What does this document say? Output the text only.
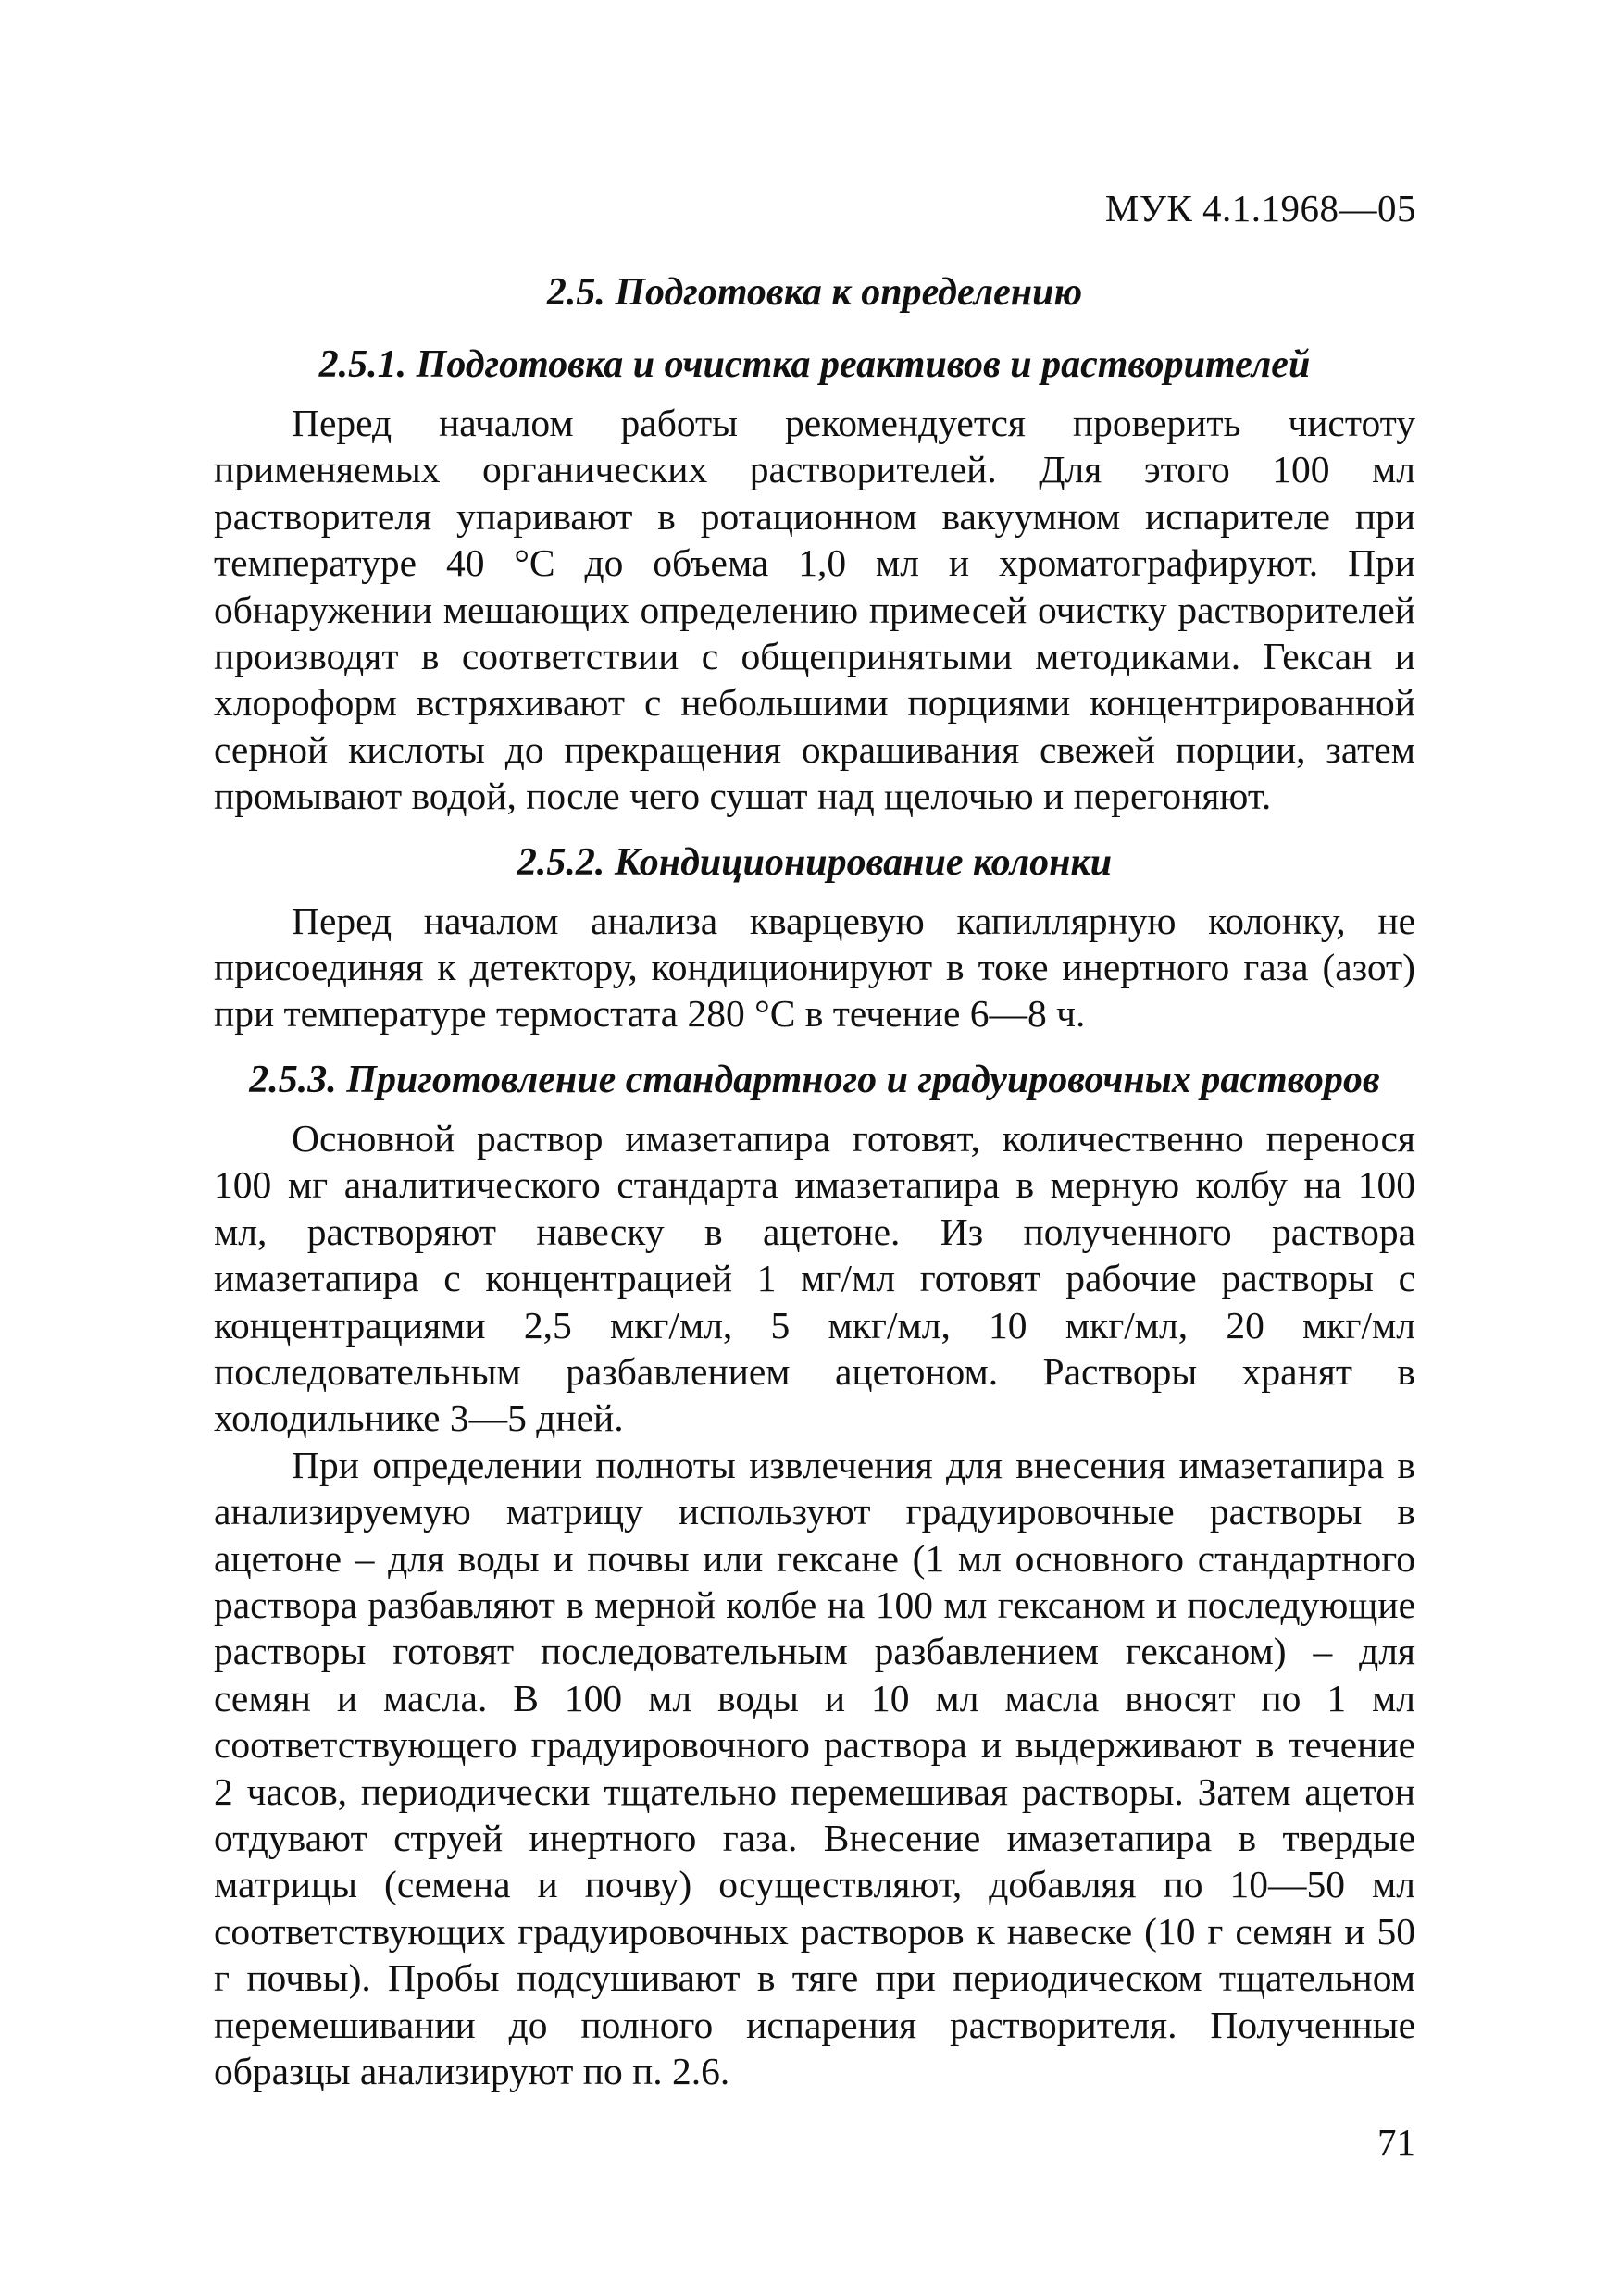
МУК 4.1.1968—05
2.5. Подготовка к определению
2.5.1. Подготовка и очистка реактивов и растворителей

Перед началом работы рекомендуется проверить чистоту применяемых органических растворителей. Для этого 100 мл растворителя упаривают в ротационном вакуумном испарителе при температуре 40 °С до объема 1,0 мл и хроматографируют. При обнаружении мешающих определению примесей очистку растворителей производят в соответствии с общепринятыми методиками. Гексан и хлороформ встряхивают с небольшими порциями концентрированной серной кислоты до прекращения окрашивания свежей порции, затем промывают водой, после чего сушат над щелочью и перегоняют.

2.5.2. Кондиционирование колонки

Перед началом анализа кварцевую капиллярную колонку, не присоединяя к детектору, кондиционируют в токе инертного газа (азот) при температуре термостата 280 °С в течение 6—8 ч.

2.5.3. Приготовление стандартного и градуировочных растворов

Основной раствор имазетапира готовят, количественно перенося 100 мг аналитического стандарта имазетапира в мерную колбу на 100 мл, растворяют навеску в ацетоне. Из полученного раствора имазетапира с концентрацией 1 мг/мл готовят рабочие растворы с концентрациями 2,5 мкг/мл, 5 мкг/мл, 10 мкг/мл, 20 мкг/мл последовательным разбавлением ацетоном. Растворы хранят в холодильнике 3—5 дней.

При определении полноты извлечения для внесения имазетапира в анализируемую матрицу используют градуировочные растворы в ацетоне – для воды и почвы или гексане (1 мл основного стандартного раствора разбавляют в мерной колбе на 100 мл гексаном и последующие растворы готовят последовательным разбавлением гексаном) – для семян и масла. В 100 мл воды и 10 мл масла вносят по 1 мл соответствующего градуировочного раствора и выдерживают в течение 2 часов, периодически тщательно перемешивая растворы. Затем ацетон отдувают струей инертного газа. Внесение имазетапира в твердые матрицы (семена и почву) осуществляют, добавляя по 10—50 мл соответствующих градуировочных растворов к навеске (10 г семян и 50 г почвы). Пробы подсушивают в тяге при периодическом тщательном перемешивании до полного испарения растворителя. Полученные образцы анализируют по п. 2.6.

71
